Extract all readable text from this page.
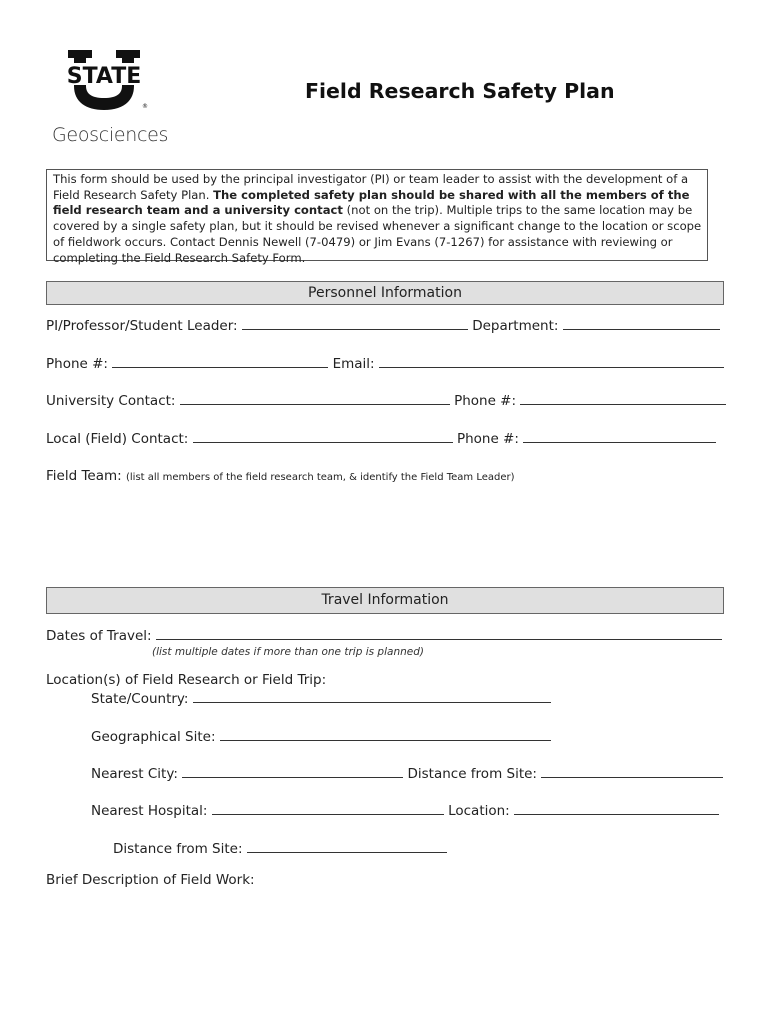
STATE
®
Geosciences
Field Research Safety Plan
This form should be used by the principal investigator (PI) or team leader to assist with the development of a Field Research Safety Plan. The completed safety plan should be shared with all the members of the field research team and a university contact (not on the trip). Multiple trips to the same location may be covered by a single safety plan, but it should be revised whenever a significant change to the location or scope of fieldwork occurs. Contact Dennis Newell (7-0479) or Jim Evans (7-1267) for assistance with reviewing or completing the Field Research Safety Form.
Personnel Information
PI/Professor/Student Leader:	Department:
Phone #:	Email:
University Contact:	Phone #:
Local (Field) Contact:	Phone #:
Field Team: (list all members of the field research team, & identify the Field Team Leader)
Travel Information
Dates of Travel:
(list multiple dates if more than one trip is planned)
Location(s) of Field Research or Field Trip:
State/Country:
Geographical Site:
Nearest City:	Distance from Site:
Nearest Hospital:	Location:
Distance from Site:
Brief Description of Field Work:
